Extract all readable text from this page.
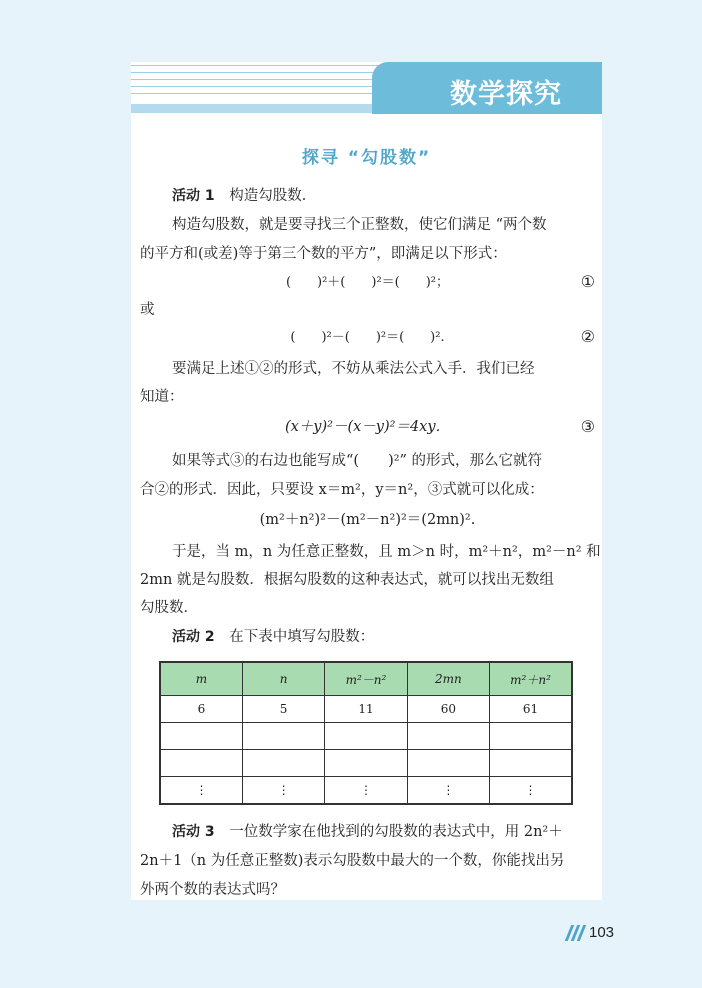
数学探究
探寻 “勾股数”
活动 1 构造勾股数．
构造勾股数，就是要寻找三个正整数，使它们满足 “两个数
的平方和(或差)等于第三个数的平方”，即满足以下形式：
(　　)²＋(　　)²＝(　　)²；	①
或
(　　)²－(　　)²＝(　　)².	②
要满足上述①②的形式，不妨从乘法公式入手．我们已经
知道：
(x＋y)²－(x－y)²＝4xy．	③
如果等式③的右边也能写成“(　　)²” 的形式，那么它就符
合②的形式．因此，只要设 x＝m²，y＝n²，③式就可以化成：
(m²＋n²)²－(m²－n²)²＝(2mn)².
于是，当 m，n 为任意正整数，且 m＞n 时，m²＋n²，m²－n² 和
2mn 就是勾股数．根据勾股数的这种表达式，就可以找出无数组
勾股数．
活动 2 在下表中填写勾股数：
m	n	m²－n²	2mn	m²＋n²
6	5	11	60	61

⋮	⋮	⋮	⋮	⋮
活动 3 一位数学家在他找到的勾股数的表达式中，用 2n²＋
2n＋1（n 为任意正整数)表示勾股数中最大的一个数，你能找出另
外两个数的表达式吗？
103
